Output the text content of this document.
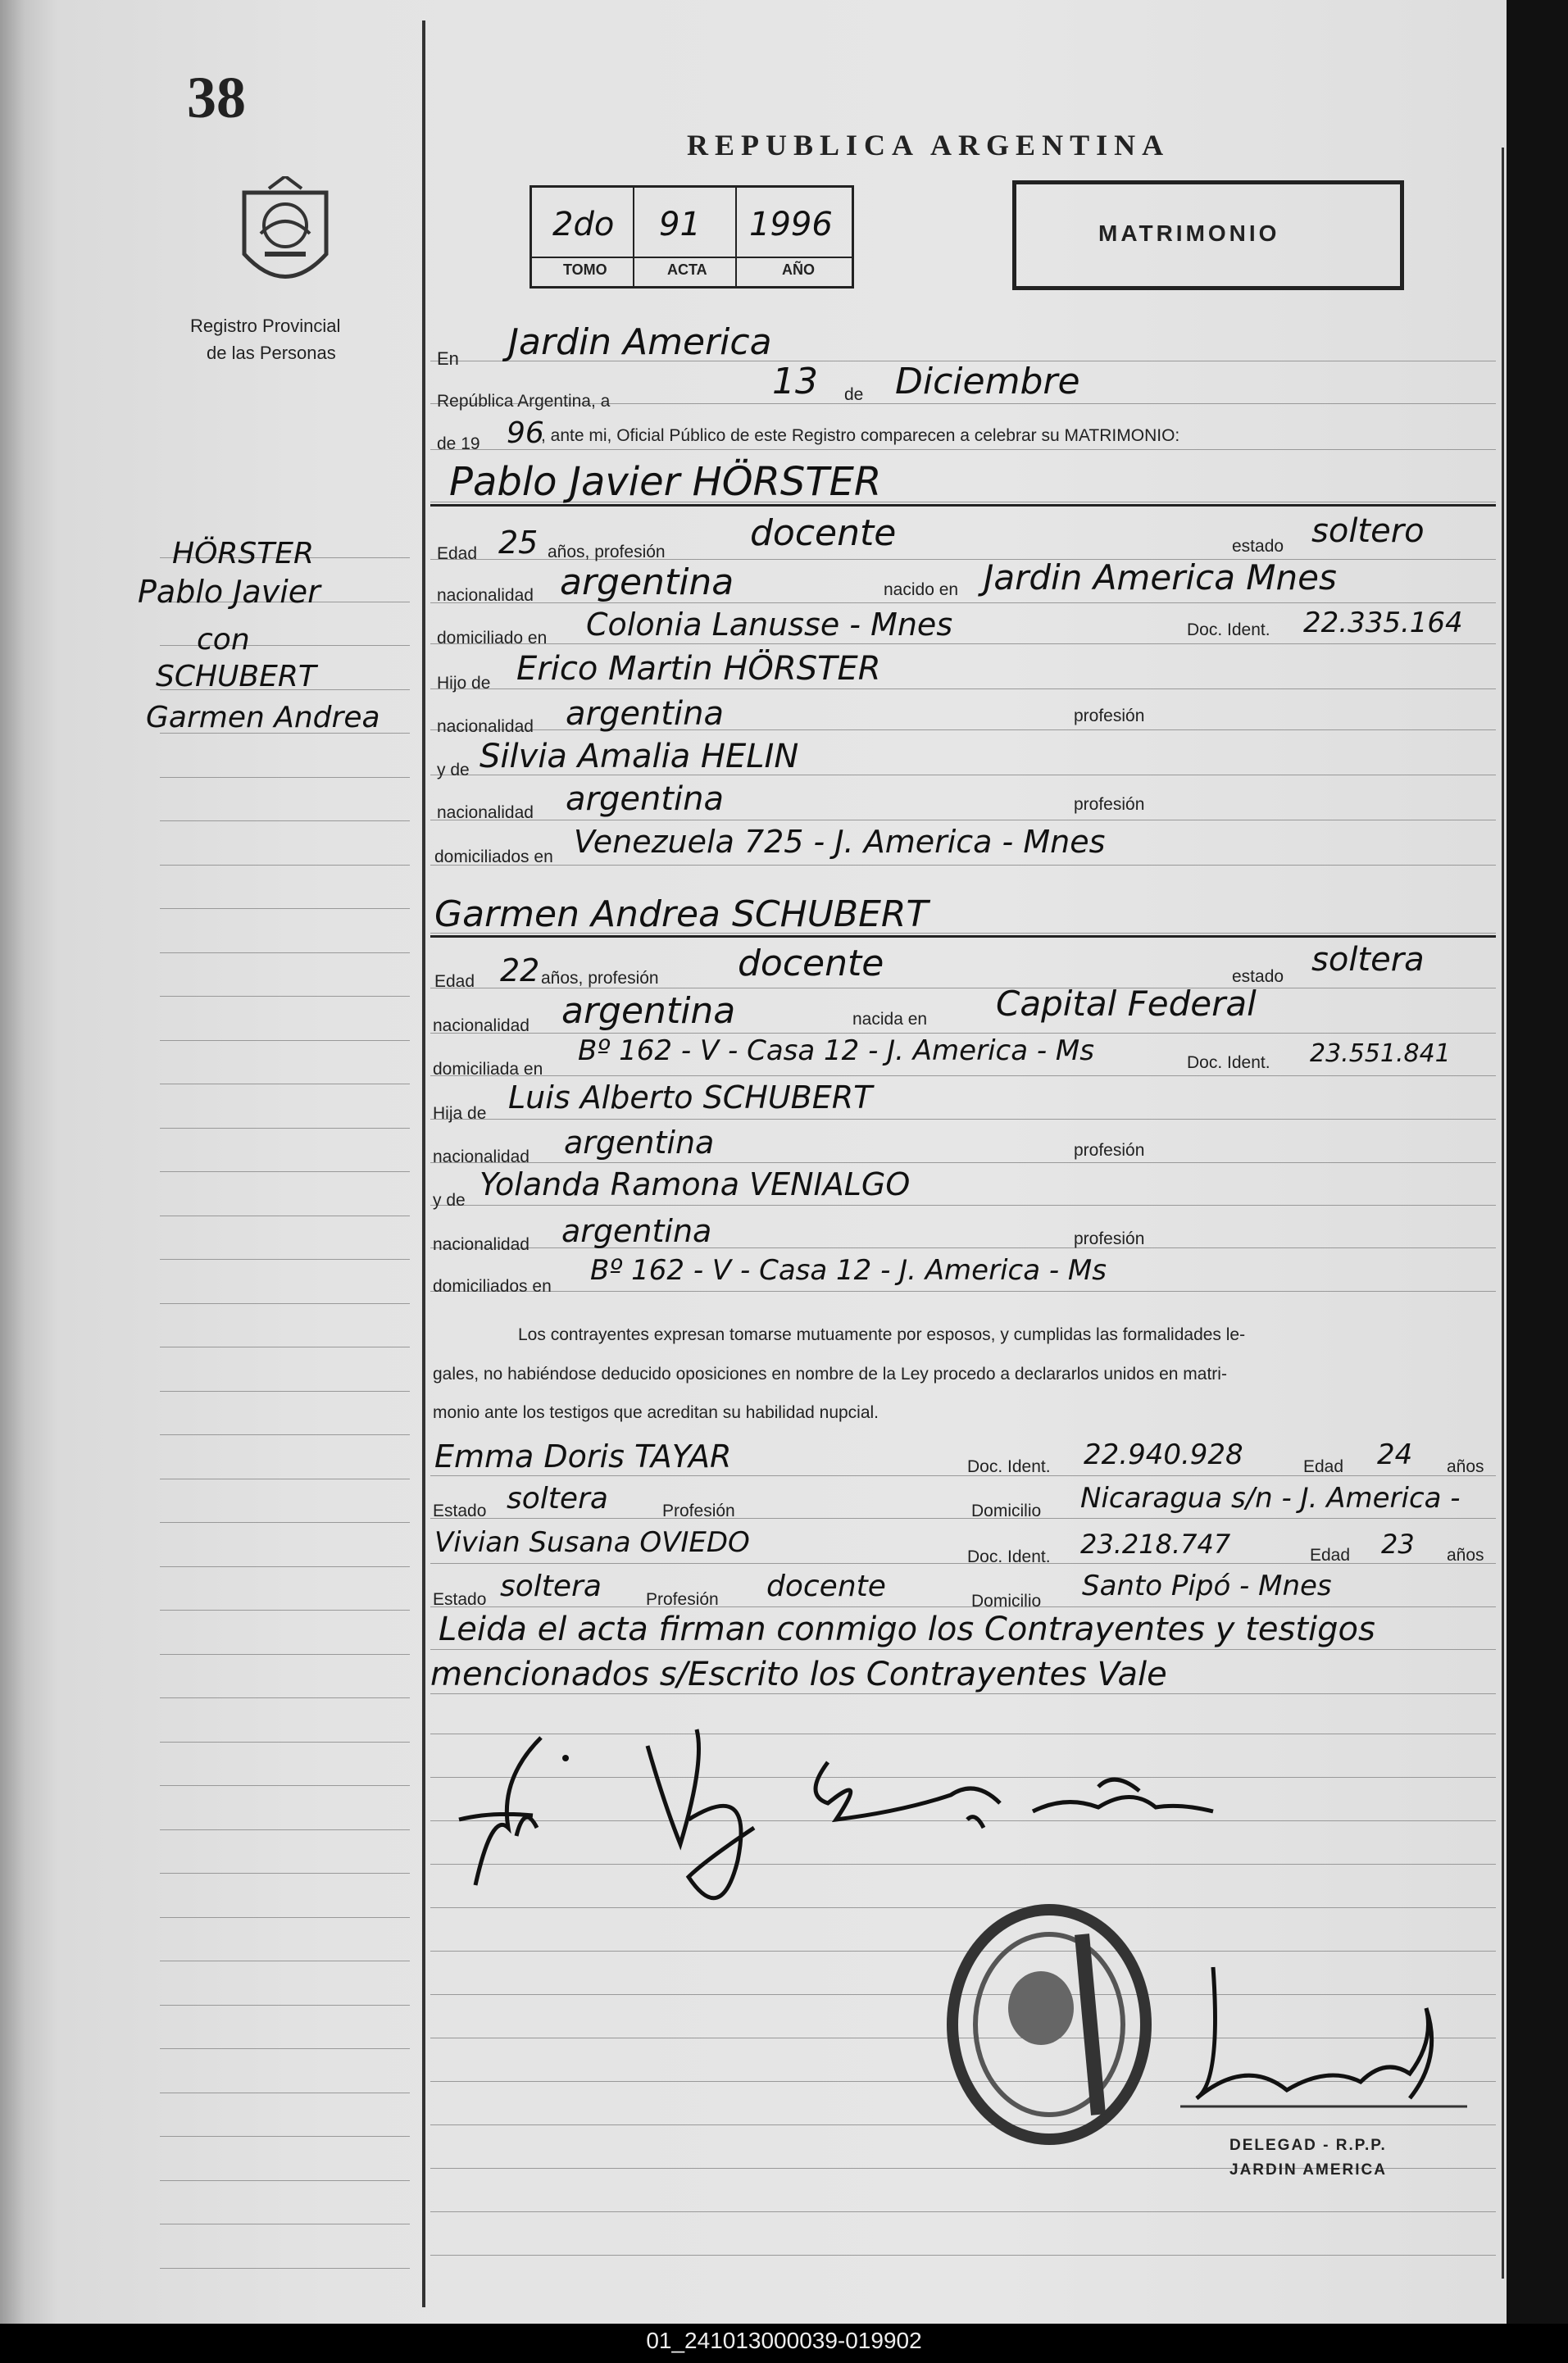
38
Registro Provincial
de las Personas
HÖRSTER
Pablo Javier
con
SCHUBERT
Garmen Andrea
REPUBLICA ARGENTINA
2do 91 1996
TOMO	ACTA	AÑO
MATRIMONIO
En Jardin America
República Argentina, a	13 de Diciembre
de 19 96
, ante mi, Oficial Público de este Registro comparecen a celebrar su MATRIMONIO:
Pablo Javier HÖRSTER
Edad 25 años, profesión docente	estado soltero
nacionalidad argentina	nacido en Jardin America Mnes
domiciliado en Colonia Lanusse - Mnes	Doc. Ident. 22.335.164
Hijo de Erico Martin HÖRSTER
nacionalidad argentina	profesión
y de Silvia Amalia HELIN
nacionalidad argentina	profesión
domiciliados en Venezuela 725 - J. America - Mnes
Garmen Andrea SCHUBERT
Edad 22 años, profesión docente	estado soltera
nacionalidad argentina	nacida en Capital Federal
domiciliada en
Bº 162 - V - Casa 12 - J. America - Ms	Doc. Ident. 23.551.841
Hija de Luis Alberto SCHUBERT
nacionalidad argentina	profesión
y de Yolanda Ramona VENIALGO
nacionalidad argentina	profesión
domiciliados en Bº 162 - V - Casa 12 - J. America - Ms
Los contrayentes expresan tomarse mutuamente por esposos, y cumplidas las formalidades le-
gales, no habiéndose deducido oposiciones en nombre de la Ley procedo a declararlos unidos en matri-
monio ante los testigos que acreditan su habilidad nupcial.
Emma Doris TAYAR	Doc. Ident. 22.940.928	Edad 24 años
Estado soltera	Profesión	Domicilio Nicaragua s/n - J. America -
Vivian Susana OVIEDO	Doc. Ident. 23.218.747	Edad 23 años
Estado soltera	Profesión docente	Domicilio Santo Pipó - Mnes
Leida el acta firman conmigo los Contrayentes y testigos
mencionados s/Escrito los Contrayentes Vale
DELEGAD - R.P.P.
JARDIN AMERICA
01_241013000039-019902
